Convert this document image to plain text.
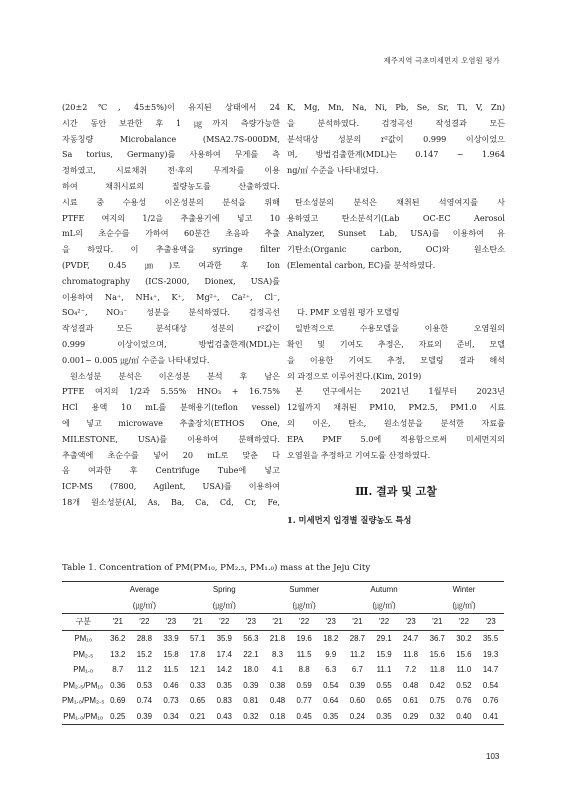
제주지역 극초미세먼지 오염원 평가
(20±2℃, 45±5%)이 유지된 상태에서 24
시간 동안 보관한 후 1 ㎍까지 측량가능한
자동칭량 Microbalance (MSA2.7S-000DM,
Sa torius, Germany)를 사용하여 무게를 측
정하였고, 시료채취 전·후의 무게차를 이용
하여 채취시료의 질량농도를 산출하였다.
시료 중 수용성 이온성분의 분석을 위해
PTFE 여지의 1/2을 추출용기에 넣고 10
mL의 초순수를 가하여 60분간 초음파 추출
을 하였다. 이 추출용액을 syringe filter
(PVDF, 0.45 ㎛)로 여과한 후 Ion
chromatography (ICS-2000, Dionex, USA)를
이용하여 Na⁺, NH₄⁺, K⁺, Mg²⁺, Ca²⁺, Cl⁻,
SO₄²⁻, NO₃⁻ 성분을 분석하였다. 검정곡선
작성결과 모든 분석대상 성분의 r²값이
0.999 이상이었으며, 방법검출한계(MDL)는
0.001~ 0.005 ㎍/㎥ 수준을 나타내었다.
원소성분 분석은 이온성분 분석 후 남은
PTFE 여지의 1/2과 5.55% HNO₃ + 16.75%
HCl 용액 10 mL를 분해용기(teflon vessel)
에 넣고 microwave 추출장치(ETHOS One,
MILESTONE, USA)를 이용하여 분해하였다.
추출액에 초순수를 넣어 20 mL로 맞춘 다
음 여과한 후 Centrifuge Tube에 넣고
ICP-MS (7800, Agilent, USA)를 이용하여
18개 원소성분(Al, As, Ba, Ca, Cd, Cr, Fe,
K, Mg, Mn, Na, Ni, Pb, Se, Sr, Ti, V, Zn)
을 분석하였다. 검정곡선 작성결과 모든
분석대상 성분의 r²값이 0.999 이상이었으
며, 방법검출한계(MDL)는 0.147 ~ 1.964
ng/㎥ 수준을 나타내었다.
탄소성분의 분석은 채취된 석영여지를 사
용하였고 탄소분석기(Lab OC-EC Aerosol
Analyzer, Sunset Lab, USA)를 이용하여 유
기탄소(Organic carbon, OC)와 원소탄소
(Elemental carbon, EC)를 분석하였다.
다. PMF 오염원 평가 모델링
일반적으로 수용모델을 이용한 오염원의
확인 및 기여도 추정은, 자료의 준비, 모델
을 이용한 기여도 추정, 모델링 결과 해석
의 과정으로 이루어진다.(Kim, 2019)
본 연구에서는 2021년 1월부터 2023년
12월까지 채취된 PM10, PM2.5, PM1.0 시료
의 이온, 탄소, 원소성분을 분석한 자료를
EPA PMF 5.0에 적용함으로써 미세먼지의
오염원을 추정하고 기여도를 산정하였다.
Ⅲ. 결과 및 고찰
1. 미세먼지 입경별 질량농도 특성
Table 1. Concentration of PM(PM₁₀, PM₂.₅, PM₁.₀) mass at the Jeju City
	Average			Spring			Summer			Autumn			Winter		
	(㎍/㎥)			(㎍/㎥)			(㎍/㎥)			(㎍/㎥)			(㎍/㎥)		
구분	'21	'22	'23	'21	'22	'23	'21	'22	'23	'21	'22	'23	'21	'22	'23
PM₁₀	36.2	28.8	33.9	57.1	35.9	56.3	21.8	19.6	18.2	28.7	29.1	24.7	36.7	30.2	35.5
PM₂.₅	13.2	15.2	15.8	17.8	17.4	22.1	8.3	11.5	9.9	11.2	15.9	11.8	15.6	15.6	19.3
PM₁.₀	8.7	11.2	11.5	12.1	14.2	18.0	4.1	8.8	6.3	6.7	11.1	7.2	11.8	11.0	14.7
PM₂.₅/PM₁₀	0.36	0.53	0.46	0.33	0.35	0.39	0.38	0.59	0.54	0.39	0.55	0.48	0.42	0.52	0.54
PM₁.₀/PM₂.₅	0.69	0.74	0.73	0.65	0.83	0.81	0.48	0.77	0.64	0.60	0.65	0.61	0.75	0.76	0.76
PM₁.₀/PM₁₀	0.25	0.39	0.34	0.21	0.43	0.32	0.18	0.45	0.35	0.24	0.35	0.29	0.32	0.40	0.41
103
